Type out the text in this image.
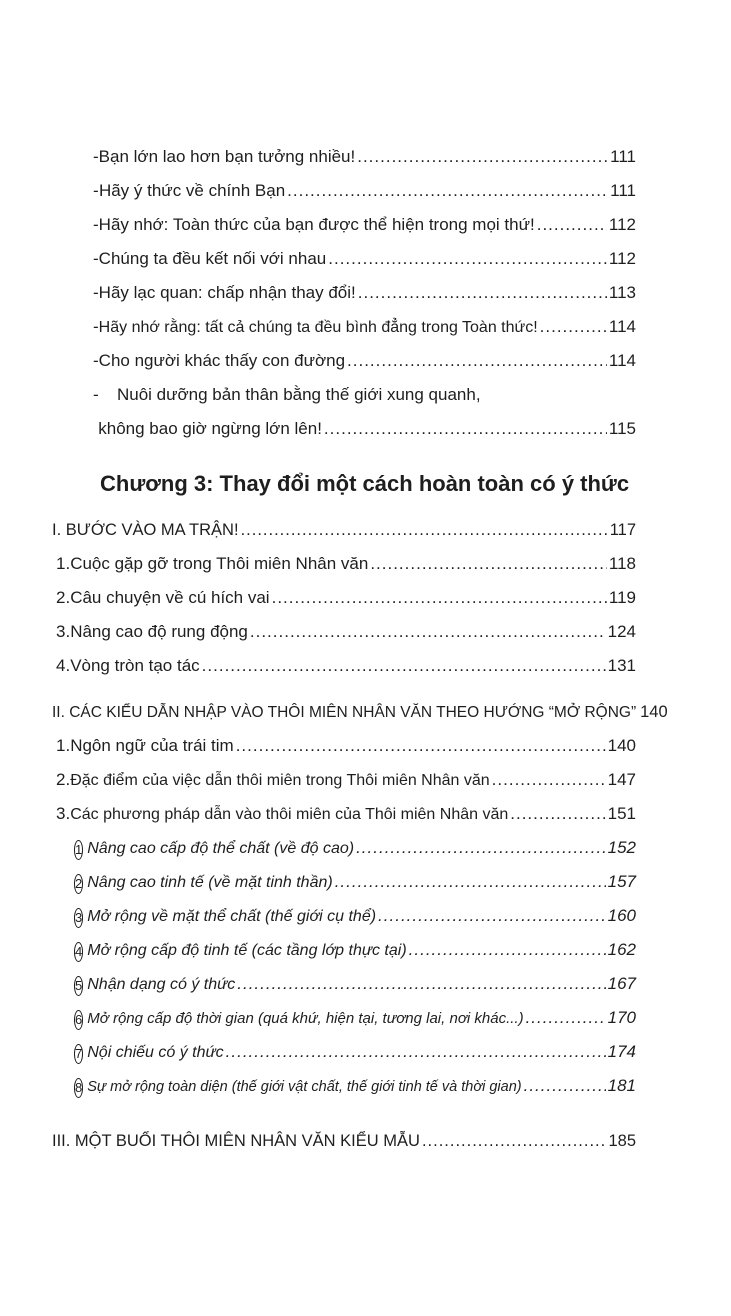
- Bạn lớn lao hơn bạn tưởng nhiều! .....	111
- Hãy ý thức về chính Bạn .....	111
- Hãy nhớ: Toàn thức của bạn được thể hiện trong mọi thứ! .....	112
- Chúng ta đều kết nối với nhau .....	112
- Hãy lạc quan: chấp nhận thay đổi! .....	113
- Hãy nhớ rằng: tất cả chúng ta đều bình đẳng trong Toàn thức! .....	114
- Cho người khác thấy con đường .....	114
-	Nuôi dưỡng bản thân bằng thế giới xung quanh,
không bao giờ ngừng lớn lên! .....	115
Chương 3: Thay đổi một cách hoàn toàn có ý thức
I. BƯỚC VÀO MA TRẬN! .....	117
1. Cuộc gặp gỡ trong Thôi miên Nhân văn .....	118
2. Câu chuyện về cú hích vai .....	119
3. Nâng cao độ rung động .....	124
4. Vòng tròn tạo tác .....	131
II. CÁC KIỂU DẪN NHẬP VÀO THÔI MIÊN NHÂN VĂN THEO HƯỚNG “MỞ RỘNG” 140
1. Ngôn ngữ của trái tim .....	140
2. Đặc điểm của việc dẫn thôi miên trong Thôi miên Nhân văn .....	147
3. Các phương pháp dẫn vào thôi miên của Thôi miên Nhân văn .....	151
1 Nâng cao cấp độ thể chất (về độ cao) .....	152
2 Nâng cao tinh tế (về mặt tinh thần) .....	157
3 Mở rộng về mặt thể chất (thế giới cụ thể) .....	160
4 Mở rộng cấp độ tinh tế (các tầng lớp thực tại) .....	162
5 Nhận dạng có ý thức .....	167
6 Mở rộng cấp độ thời gian (quá khứ, hiện tại, tương lai, nơi khác...) .....	170
7 Nội chiếu có ý thức .....	174
8 Sự mở rộng toàn diện (thế giới vật chất, thế giới tinh tế và thời gian) .....	181
III. MỘT BUỔI THÔI MIÊN NHÂN VĂN KIỂU MẪU .....	185
